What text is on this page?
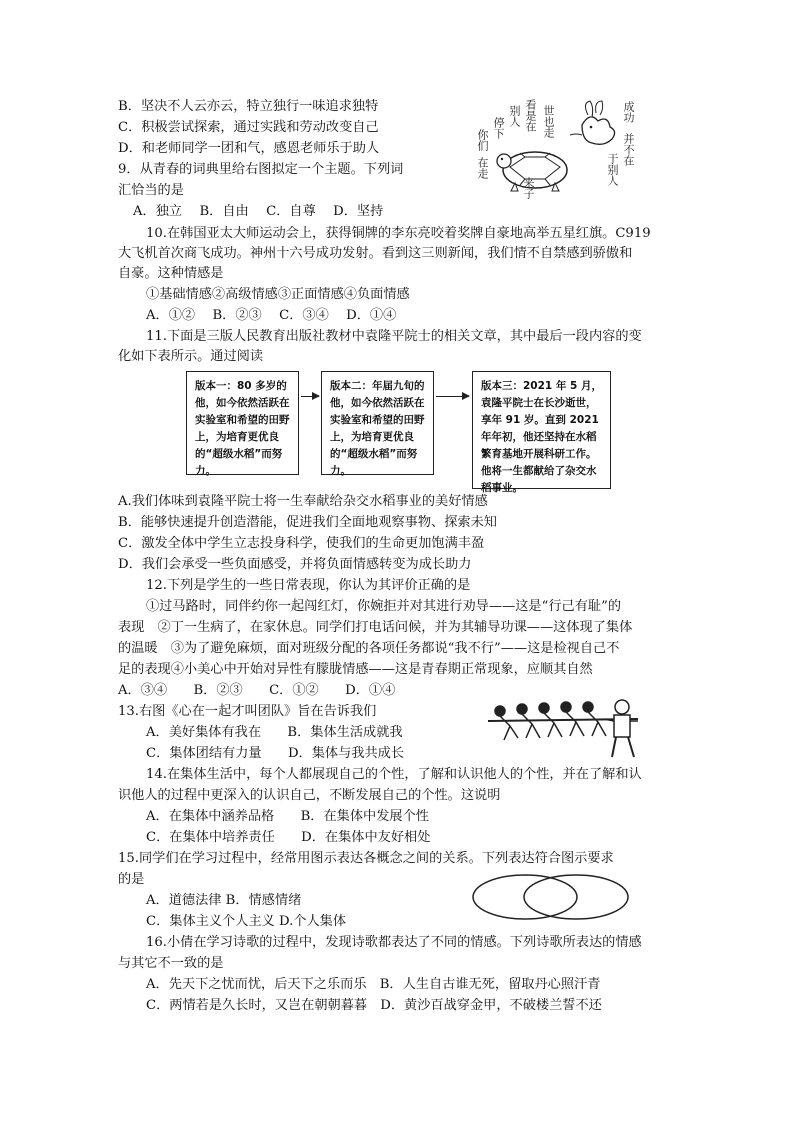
B．坚决不人云亦云，特立独行一味追求独特
C．积极尝试探索，通过实践和劳动改变自己
D．和老师同学一团和气，感恩老师乐于助人
9．从青春的词典里给右图拟定一个主题。下列词
汇恰当的是
A．独立　 B．自由　 C．自尊　 D．坚持
你们
停下
别人 看是在 世也走
在走
来子
成功
并不在
于别人
10.在韩国亚太大师运动会上，获得铜牌的李东亮咬着奖牌自豪地高举五星红旗。C919
大飞机首次商飞成功。神州十六号成功发射。看到这三则新闻，我们情不自禁感到骄傲和
自豪。这种情感是
①基础情感②高级情感③正面情感④负面情感
A．①②　 B．②③　 C．③④　 D．①④
11.下面是三版人民教育出版社教材中袁隆平院士的相关文章，其中最后一段内容的变
化如下表所示。通过阅读
版本一：80 多岁的他，如今依然活跃在实验室和希望的田野上，为培育更优良的“超级水稻”而努力。
版本二：年届九旬的他，如今依然活跃在实验室和希望的田野上，为培育更优良的“超级水稻”而努力。
版本三：2021 年 5 月，袁隆平院士在长沙逝世，享年 91 岁。直到 2021 年年初，他还坚持在水稻繁育基地开展科研工作。他将一生都献给了杂交水稻事业。
A.我们体味到袁隆平院士将一生奉献给杂交水稻事业的美好情感
B．能够快速提升创造潜能，促进我们全面地观察事物、探索未知
C．激发全体中学生立志投身科学，使我们的生命更加饱满丰盈
D．我们会承受一些负面感受，并将负面情感转变为成长助力
12.下列是学生的一些日常表现，你认为其评价正确的是
①过马路时，同伴约你一起闯红灯，你婉拒并对其进行劝导——这是“行己有耻”的
表现　②丁一生病了，在家休息。同学们打电话问候，并为其辅导功课——这体现了集体
的温暖　③为了避免麻烦，面对班级分配的各项任务都说“我不行”——这是检视自己不
足的表现④小美心中开始对异性有朦胧情感——这是青春期正常现象，应顺其自然
A．③④　　B．②③　　C．①②　　D．①④
13.右图《心在一起才叫团队》旨在告诉我们
A．美好集体有我在　　B．集体生活成就我
C．集体团结有力量　　D．集体与我共成长
14.在集体生活中，每个人都展现自己的个性，了解和认识他人的个性，并在了解和认
识他人的过程中更深入的认识自己，不断发展自己的个性。这说明
A．在集体中涵养品格　　B．在集体中发展个性
C．在集体中培养责任　　D．在集体中友好相处
15.同学们在学习过程中，经常用图示表达各概念之间的关系。下列表达符合图示要求
的是
A．道德法律 B．情感情绪
C．集体主义个人主义 D.个人集体
16.小倩在学习诗歌的过程中，发现诗歌都表达了不同的情感。下列诗歌所表达的情感
与其它不一致的是
A．先天下之忧而忧，后天下之乐而乐　B．人生自古谁无死，留取丹心照汗青
C．两情若是久长时，又岂在朝朝暮暮　D．黄沙百战穿金甲，不破楼兰誓不还
